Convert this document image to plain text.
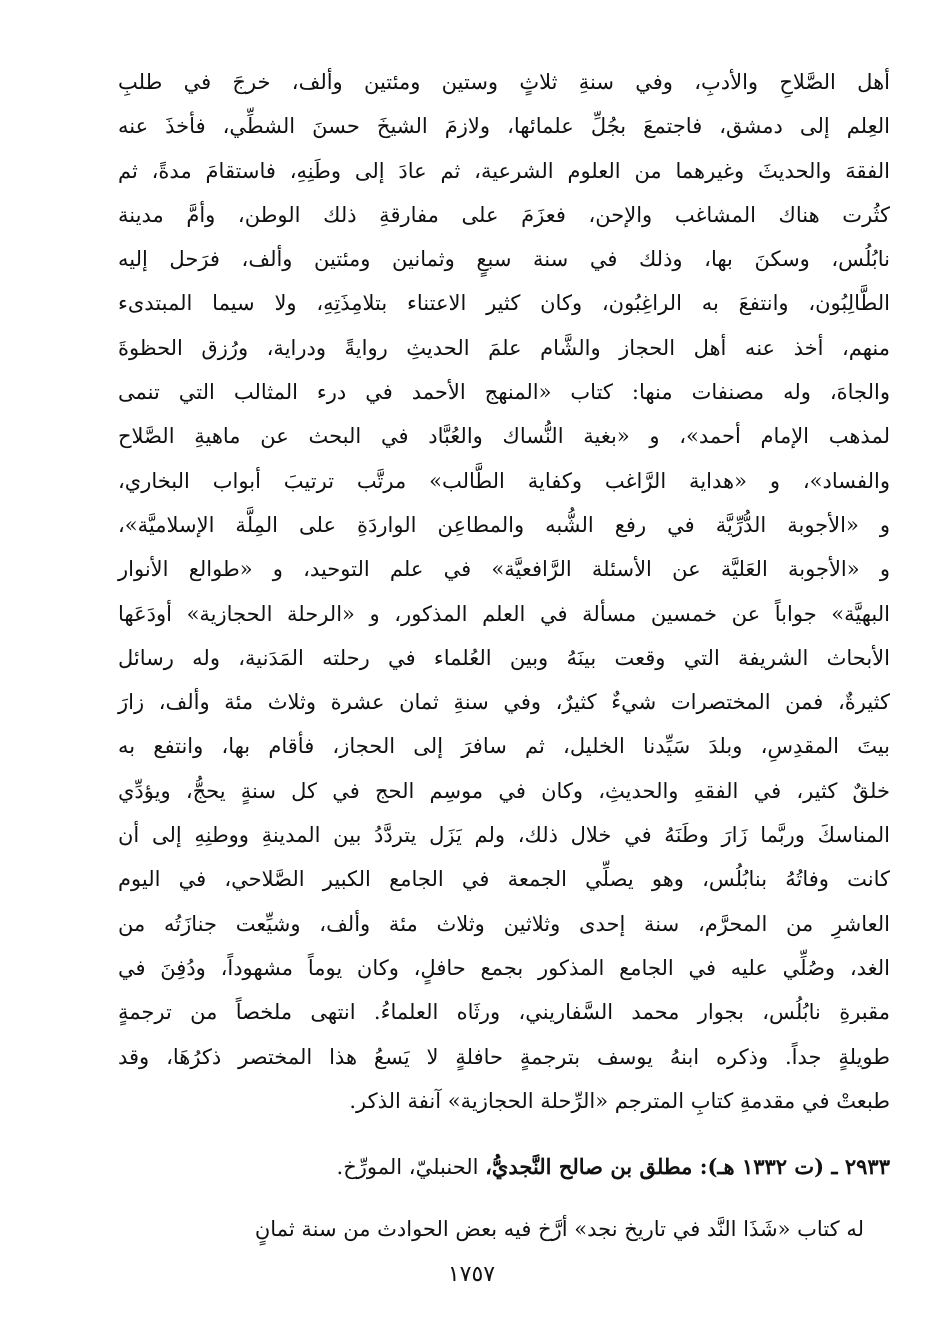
أهل الصَّلاحِ والأدبِ، وفي سنةِ ثلاثٍ وستين ومئتين وألف، خرجَ في طلبِ
العِلم إلى دمشق، فاجتمعَ بجُلِّ علمائها، ولازمَ الشيخَ حسنَ الشطِّي، فأخذَ عنه
الفقهَ والحديثَ وغيرهما من العلوم الشرعية، ثم عادَ إلى وطَنِهِ، فاستقامَ مدةً، ثم
كثُرت هناك المشاغب والإحن، فعزَمَ على مفارقةِ ذلك الوطن، وأمَّ مدينة
نابُلُس، وسكنَ بها، وذلك في سنة سبعٍ وثمانين ومئتين وألف، فرَحل إليه
الطَّالِبُون، وانتفعَ به الراغِبُون، وكان كثير الاعتناء بتلامِذَتِهِ، ولا سيما المبتدىء
منهم، أخذ عنه أهل الحجاز والشَّام علمَ الحديثِ روايةً ودراية، ورُزق الحظوةَ
والجاهَ، وله مصنفات منها: كتاب «المنهج الأحمد في درء المثالب التي تنمى
لمذهب الإمام أحمد»، و «بغية النُّساك والعُبَّاد في البحث عن ماهيةِ الصَّلاح
والفساد»، و «هداية الرَّاغب وكفاية الطَّالب» مرتَّب ترتيبَ أبواب البخاري،
و «الأجوبة الدُّرِّيَّة في رفع الشُّبه والمطاعِن الواردَةِ على المِلَّة الإسلاميَّة»،
و «الأجوبة العَليَّة عن الأسئلة الرَّافعيَّة» في علم التوحيد، و «طوالع الأنوار
البهيَّة» جواباً عن خمسين مسألة في العلم المذكور، و «الرحلة الحجازية» أودَعَها
الأبحاث الشريفة التي وقعت بينَهُ وبين العُلماء في رحلته المَدَنية، وله رسائل
كثيرةٌ، فمن المختصرات شيءٌ كثيرٌ، وفي سنةِ ثمان عشرة وثلاث مئة وألف، زارَ
بيتَ المقدِسِ، وبلدَ سَيِّدنا الخليل، ثم سافرَ إلى الحجاز، فأقام بها، وانتفع به
خلقٌ كثير، في الفقهِ والحديثِ، وكان في موسِم الحج في كل سنةٍ يحجُّ، ويؤدِّي
المناسكَ وربَّما زَارَ وطَنَهُ في خلال ذلك، ولم يَزَل يتردَّدُ بين المدينةِ ووطنِهِ إلى أن
كانت وفاتُهُ بنابُلُس، وهو يصلِّي الجمعة في الجامع الكبير الصَّلاحي، في اليوم
العاشرِ من المحرَّم، سنة إحدى وثلاثين وثلاث مئة وألف، وشيِّعت جنازَتُه من
الغد، وصُلِّي عليه في الجامع المذكور بجمع حافلٍ، وكان يوماً مشهوداً، ودُفِنَ في
مقبرةِ نابُلُس، بجوار محمد السَّفاريني، ورثَاه العلماءُ. انتهى ملخصاً من ترجمةٍ
طويلةٍ جداً. وذكره ابنهُ يوسف بترجمةٍ حافلةٍ لا يَسعُ هذا المختصر ذكرُهَا، وقد
طبعتْ في مقدمةِ كتابِ المترجم «الرِّحلة الحجازية» آنفة الذكر.
٢٩٣٣ ـ (ت ١٣٣٢ هـ): مطلق بن صالح النَّجديُّ، الحنبليّ، المورِّخ.
له كتاب «شَذَا النَّد في تاريخ نجد» أرَّخ فيه بعض الحوادث من سنة ثمانٍ
١٧٥٧
